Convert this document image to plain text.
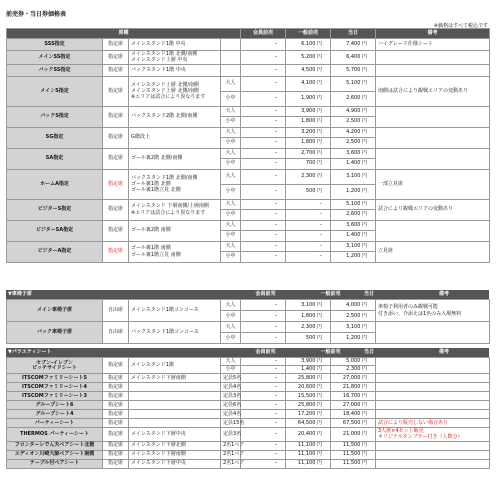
前売券・当日券価格表
※価格はすべて税込です
席種				会員前売	一般前売	当日	備考
SSS指定	指定席	メインスタンド1階 中央		–	6,100 円	7,400 円	ハイグレード仕様シート
メインSS指定	指定席	メインスタンド1階 北側/南側
メインスタンド上層 中央		–	5,200 円	6,400 円	
バックSS指定	指定席	バックスタンド1階 中央		–	4,500 円	5,700 円	
メインS指定	指定席	メインスタンド上層 北側/南側
メインスタンド上層 北側/南側
※エリアは試合により異なります	大人	–	4,100 円	5,100 円	南側は試合により観戦エリアの変動あり
			小中	–	1,900 円	2,600 円	
バックS指定	指定席	バックスタンド2階 北側/南側	大人	–	3,900 円	4,900 円	
			小中	–	1,800 円	2,500 円	
SG指定	指定席	G階段上	大人	–	3,200 円	4,200 円	
			小中	–	1,800 円	2,500 円	
SA指定	指定席	ゴール裏2階 北側/南側	大人	–	2,700 円	3,600 円	
			小中	–	700 円	1,400 円	
ホームA指定	指定席	バックスタンド1階 北側/南側
ゴール裏1階 北側
ゴール裏1階立見 北側	大人	–	2,300 円	3,100 円	一部立見席
			小中	–	500 円	1,200 円	
ビジターS指定	指定席	メインスタンド 下層南側/上層南側
※エリアは試合により異なります	大人	–	–	5,100 円	試合により観戦エリアの変動あり
			小中	–	–	2,600 円	
ビジターSA指定	指定席	ゴール裏2階 南側	大人	–	–	3,600 円	
			小中	–	–	1,400 円	
ビジターA指定	指定席	ゴール裏1階 南側
ゴール裏1階立見 南側	大人	–	–	3,100 円	立見席
			小中	–	–	1,200 円	
▼車椅子席	会員前売	一般前売	当日	備考
メイン車椅子席	自由席	メインスタンド1階コンコース	大人	–	3,100 円	4,000 円	車椅子利用者のみ観戦可能
付き添い、介添えは1名のみ入場無料
			小中	–	1,800 円	2,500 円	
バック車椅子席	自由席	バックスタンド1階コンコース	大人	–	2,300 円	3,100 円	
			小中	–	500 円	1,200 円	
▼パラエティシート	会員前売	一般前売	当日	備考
セブン-イレブン
ピッチサイドシート	指定席	メインスタンド1階	大人	–	3,900 円	5,000 円	
			小中	–	1,400 円	2,300 円	
ITSCOMファミリーシート5	指定席	メインスタンド下層南側	定員5名	–	25,800 円	27,000 円	
ITSCOMファミリーシート4	指定席		定員4名	–	20,600 円	21,800 円	
ITSCOMファミリーシート3	指定席		定員3名	–	15,500 円	16,700 円	
グループシート6	指定席		定員6名	–	25,800 円	27,000 円	
グループシート4	指定席		定員4名	–	17,200 円	18,400 円	
パーティーシート	指定席		定員15名	–	64,500 円	67,500 円	試合により販売しない場合あり
THERMOS パーティーシート	指定席	メインスタンド下層中央	定員3名	–	20,400 円	21,000 円	3人席×4セット販売
オリジナルタンブラー付き（人数分）
フロンターレでん夫ペアシート北側	指定席	メインスタンド下層北側	2名1ペア	–	11,100 円	11,500 円	
エディオン川崎大師ペアシート南側	指定席	メインスタンド下層南側	2名1ペア	–	11,100 円	11,500 円	
テーブル付ペアシート	指定席	メインスタンド下層中央	2名1ペア	–	11,100 円	11,500 円	
